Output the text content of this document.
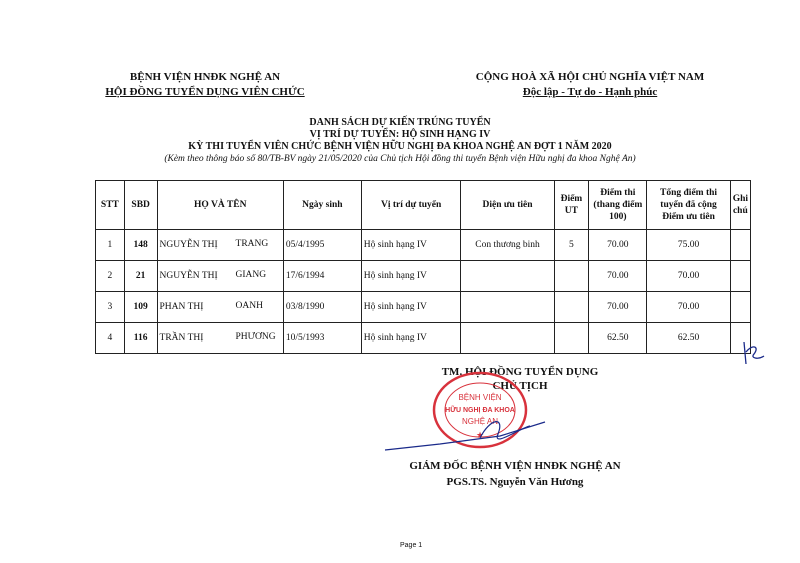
BỆNH VIỆN HNĐK NGHỆ AN
HỘI ĐỒNG TUYỂN DỤNG VIÊN CHỨC
CỘNG HOÀ XÃ HỘI CHỦ NGHĨA VIỆT NAM
Độc lập - Tự do - Hạnh phúc
DANH SÁCH DỰ KIẾN TRÚNG TUYỂN
VỊ TRÍ DỰ TUYỂN: HỘ SINH HẠNG IV
KỲ THI TUYỂN VIÊN CHỨC BỆNH VIỆN HỮU NGHỊ ĐA KHOA NGHỆ AN ĐỢT 1 NĂM 2020
(Kèm theo thông báo số 80/TB-BV ngày 21/05/2020 của Chủ tịch Hội đồng thi tuyển Bệnh viện Hữu nghị đa khoa Nghệ An)
STT	SBD	HỌ VÀ TÊN	Ngày sinh	Vị trí dự tuyển	Diện ưu tiên	Điểm UT	Điểm thi (thang điểm 100)	Tổng điểm thi tuyển đã cộng Điểm ưu tiên	Ghi chú
1	148	NGUYỄN THỊ TRANG	05/4/1995	Hộ sinh hạng IV	Con thương binh	5	70.00	75.00	
2	21	NGUYỄN THỊ GIANG	17/6/1994	Hộ sinh hạng IV			70.00	70.00	
3	109	PHAN THỊ OANH	03/8/1990	Hộ sinh hạng IV			70.00	70.00	
4	116	TRẦN THỊ PHƯƠNG	10/5/1993	Hộ sinh hạng IV			62.50	62.50	
TM. HỘI ĐỒNG TUYỂN DỤNG
CHỦ TỊCH
BỆNH VIỆN
HỮU NGHỊ ĐA KHOA
NGHỆ AN
★
GIÁM ĐỐC BỆNH VIỆN HNĐK NGHỆ AN
PGS.TS. Nguyễn Văn Hương
Page 1
